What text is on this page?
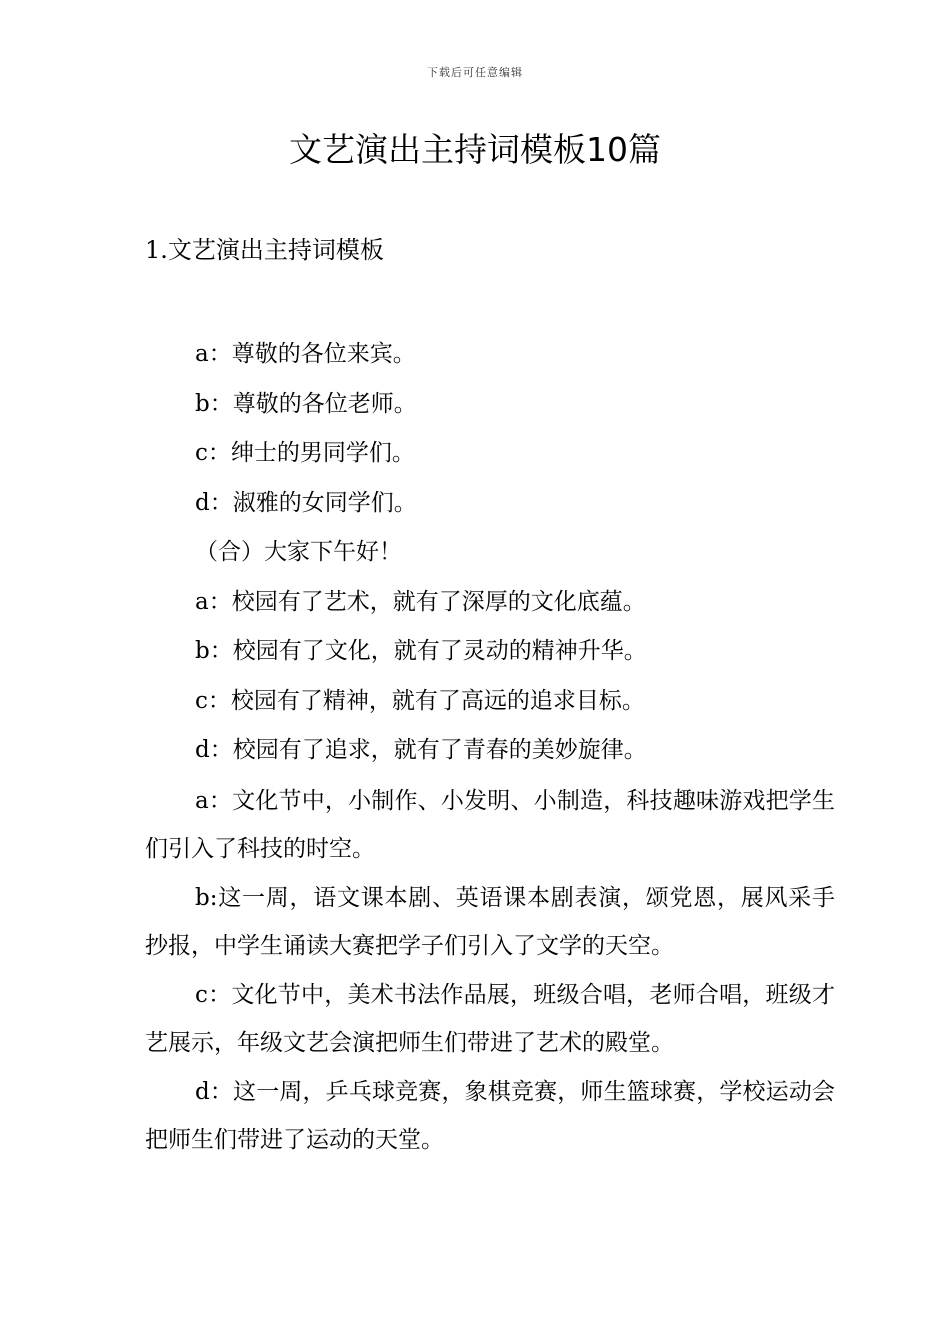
下载后可任意编辑
文艺演出主持词模板10篇
1.文艺演出主持词模板
a：尊敬的各位来宾。
b：尊敬的各位老师。
c：绅士的男同学们。
d：淑雅的女同学们。
（合）大家下午好！
a：校园有了艺术，就有了深厚的文化底蕴。
b：校园有了文化，就有了灵动的精神升华。
c：校园有了精神，就有了高远的追求目标。
d：校园有了追求，就有了青春的美妙旋律。
a：文化节中，小制作、小发明、小制造，科技趣味游戏把学生们引入了科技的时空。
b:这一周，语文课本剧、英语课本剧表演，颂党恩，展风采手抄报，中学生诵读大赛把学子们引入了文学的天空。
c：文化节中，美术书法作品展，班级合唱，老师合唱，班级才艺展示，年级文艺会演把师生们带进了艺术的殿堂。
d：这一周，乒乓球竞赛，象棋竞赛，师生篮球赛，学校运动会把师生们带进了运动的天堂。
